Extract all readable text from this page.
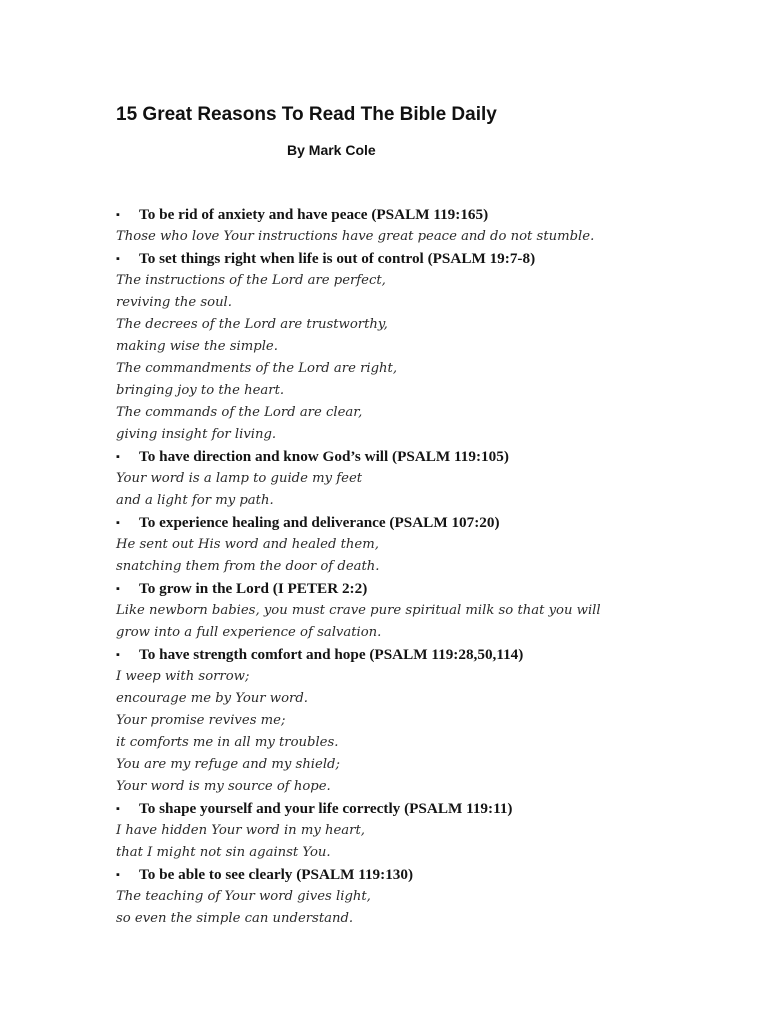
15 Great Reasons To Read The Bible Daily
By Mark Cole
▪ To be rid of anxiety and have peace (PSALM 119:165)
Those who love Your instructions have great peace and do not stumble.
▪ To set things right when life is out of control (PSALM 19:7-8)
The instructions of the Lord are perfect,
reviving the soul.
The decrees of the Lord are trustworthy,
making wise the simple.
The commandments of the Lord are right,
bringing joy to the heart.
The commands of the Lord are clear,
giving insight for living.
▪ To have direction and know God’s will (PSALM 119:105)
Your word is a lamp to guide my feet
and a light for my path.
▪ To experience healing and deliverance (PSALM 107:20)
He sent out His word and healed them,
snatching them from the door of death.
▪ To grow in the Lord (I PETER 2:2)
Like newborn babies, you must crave pure spiritual milk so that you will
grow into a full experience of salvation.
▪ To have strength comfort and hope (PSALM 119:28,50,114)
I weep with sorrow;
encourage me by Your word.
Your promise revives me;
it comforts me in all my troubles.
You are my refuge and my shield;
Your word is my source of hope.
▪ To shape yourself and your life correctly (PSALM 119:11)
I have hidden Your word in my heart,
that I might not sin against You.
▪ To be able to see clearly (PSALM 119:130)
The teaching of Your word gives light,
so even the simple can understand.
